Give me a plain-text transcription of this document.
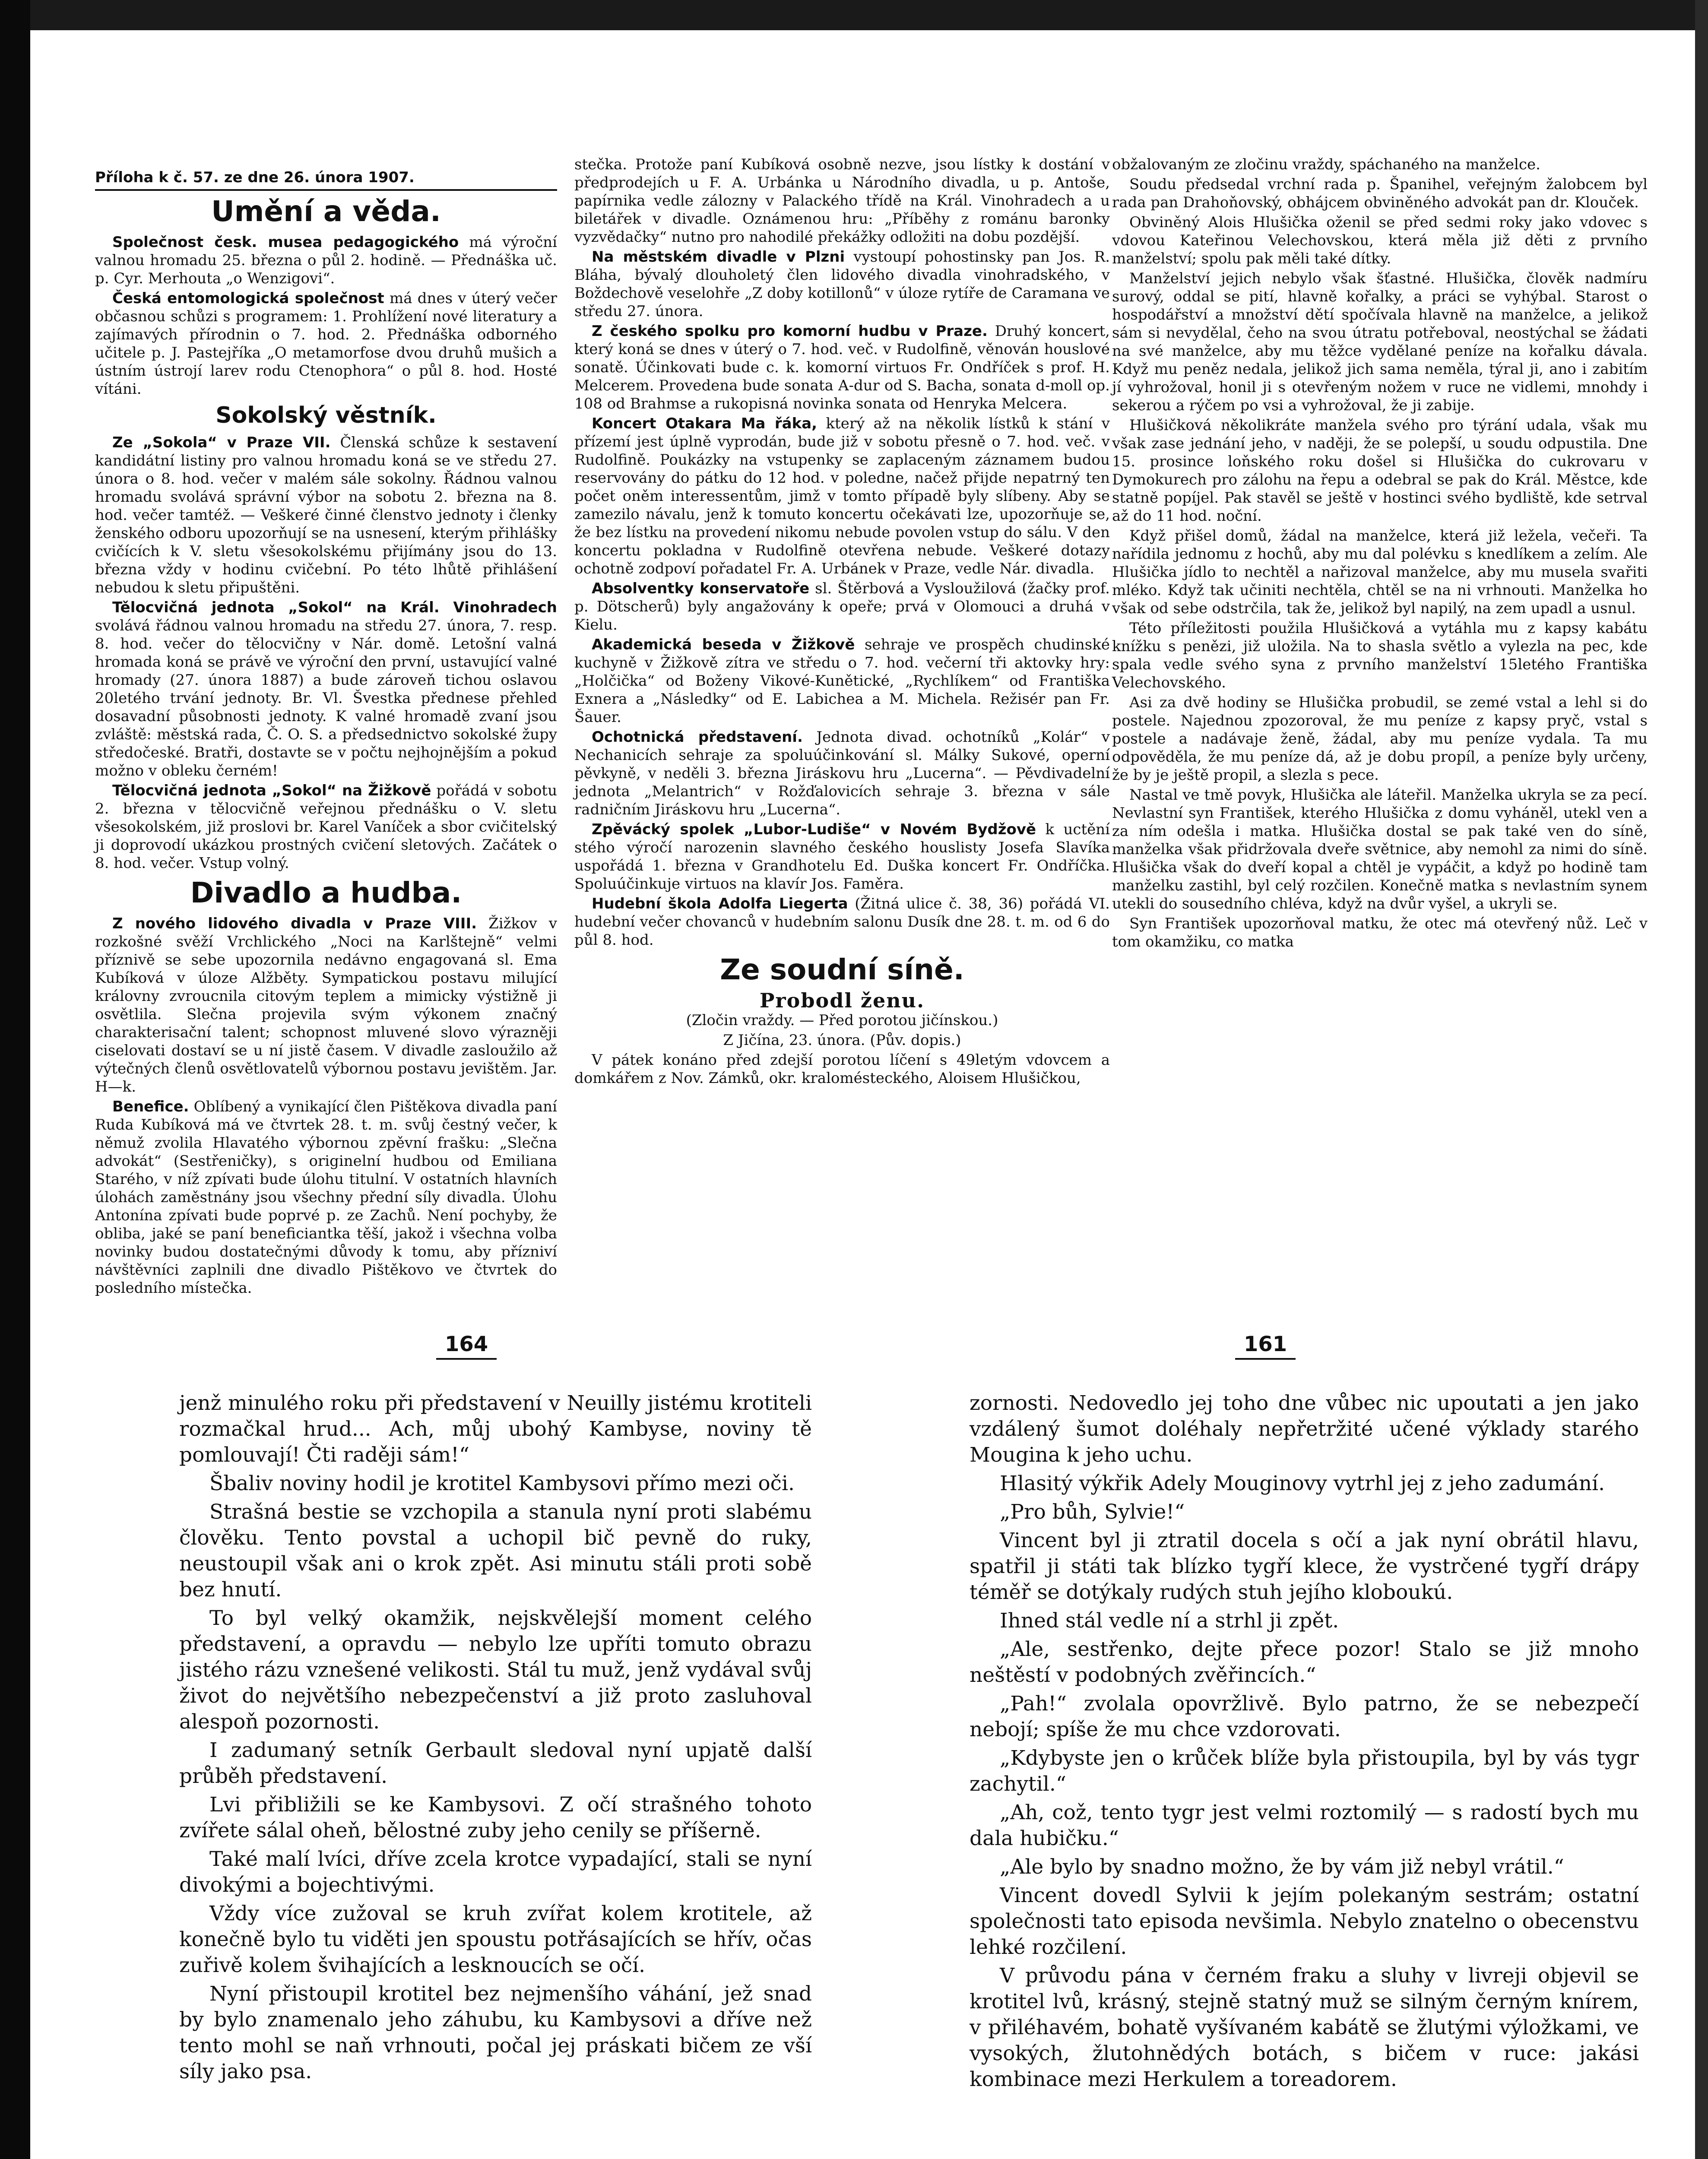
Příloha k č. 57. ze dne 26. února 1907.

Umění a věda.

Společnost česk. musea pedagogického má výroční valnou hromadu 25. března o půl 2. hodině. — Přednáška uč. p. Cyr. Merhouta „o Wenzigovi“.

Česká entomologická společnost má dnes v úterý večer občasnou schůzi s programem: 1. Prohlížení nové literatury a zajímavých přírodnin o 7. hod. 2. Přednáška odborného učitele p. J. Pastejříka „O metamorfose dvou druhů mušich a ústním ústrojí larev rodu Ctenophora“ o půl 8. hod. Hosté vítáni.

Sokolský věstník.

Ze „Sokola“ v Praze VII. Členská schůze k sestavení kandidátní listiny pro valnou hromadu koná se ve středu 27. února o 8. hod. večer v malém sále sokolny. Řádnou valnou hromadu svolává správní výbor na sobotu 2. března na 8. hod. večer tamtéž. — Veškeré činné členstvo jednoty i členky ženského odboru upozorňují se na usnesení, kterým přihlášky cvičících k V. sletu všesokolskému přijímány jsou do 13. března vždy v hodinu cvičební. Po této lhůtě přihlášení nebudou k sletu připuštěni.

Tělocvičná jednota „Sokol“ na Král. Vinohradech svolává řádnou valnou hromadu na středu 27. února, 7. resp. 8. hod. večer do tělocvičny v Nár. domě. Letošní valná hromada koná se právě ve výroční den první, ustavující valné hromady (27. února 1887) a bude zároveň tichou oslavou 20letého trvání jednoty. Br. Vl. Švestka přednese přehled dosavadní působnosti jednoty. K valné hromadě zvaní jsou zvláště: městská rada, Č. O. S. a předsednictvo sokolské župy středočeské. Bratři, dostavte se v počtu nejhojnějším a pokud možno v obleku černém!

Tělocvičná jednota „Sokol“ na Žižkově pořádá v sobotu 2. března v tělocvičně veřejnou přednášku o V. sletu všesokolském, již proslovi br. Karel Vaníček a sbor cvičitelský ji doprovodí ukázkou prostných cvičení sletových. Začátek o 8. hod. večer. Vstup volný.

Divadlo a hudba.

Z nového lidového divadla v Praze VIII. Žižkov v rozkošné svěží Vrchlického „Noci na Karlštejně“ velmi příznivě se sebe upozornila nedávno engagovaná sl. Ema Kubíková v úloze Alžběty. Sympatickou postavu milující královny zvroucnila citovým teplem a mimicky výstižně ji osvětlila. Slečna projevila svým výkonem značný charakterisační talent; schopnost mluvené slovo výrazněji ciselovati dostaví se u ní jistě časem. V divadle zasloužilo až výtečných členů osvětlovatelů výbornou postavu jevištěm. Jar. H—k.

Benefice. Oblíbený a vynikající člen Pištěkova divadla paní Ruda Kubíková má ve čtvrtek 28. t. m. svůj čestný večer, k němuž zvolila Hlavatého výbornou zpěvní frašku: „Slečna advokát“ (Sestřeničky), s originelní hudbou od Emiliana Starého, v níž zpívati bude úlohu titulní. V ostatních hlavních úlohách zaměstnány jsou všechny přední síly divadla. Úlohu Antonína zpívati bude poprvé p. ze Zachů. Není pochyby, že obliba, jaké se paní beneficiantka těší, jakož i všechna volba novinky budou dostatečnými důvody k tomu, aby přízniví návštěvníci zaplnili dne divadlo Pištěkovo ve čtvrtek do posledního místečka.

stečka. Protože paní Kubíková osobně nezve, jsou lístky k dostání v předprodejích u F. A. Urbánka u Národního divadla, u p. Antoše, papírnika vedle zálozny v Palackého třídě na Král. Vinohradech a u biletářek v divadle. Oznámenou hru: „Příběhy z románu baronky vyzvědačky“ nutno pro nahodilé překážky odložiti na dobu pozdější.

Na městském divadle v Plzni vystoupí pohostinsky pan Jos. R. Bláha, bývalý dlouholetý člen lidového divadla vinohradského, v Boždechově veselohře „Z doby kotillonů“ v úloze rytíře de Caramana ve středu 27. února.

Z českého spolku pro komorní hudbu v Praze. Druhý koncert, který koná se dnes v úterý o 7. hod. več. v Rudolfině, věnován houslové sonatě. Účinkovati bude c. k. komorní virtuos Fr. Ondříček s prof. H. Melcerem. Provedena bude sonata A-dur od S. Bacha, sonata d-moll op. 108 od Brahmse a rukopisná novinka sonata od Henryka Melcera.

Koncert Otakara Ma řáka, který až na několik lístků k stání v přízemí jest úplně vyprodán, bude již v sobotu přesně o 7. hod. več. v Rudolfině. Poukázky na vstupenky se zaplaceným záznamem budou reservovány do pátku do 12 hod. v poledne, načež přijde nepatrný ten počet oněm interessentům, jimž v tomto případě byly slíbeny. Aby se zamezilo návalu, jenž k tomuto koncertu očekávati lze, upozorňuje se, že bez lístku na provedení nikomu nebude povolen vstup do sálu. V den koncertu pokladna v Rudolfině otevřena nebude. Veškeré dotazy ochotně zodpoví pořadatel Fr. A. Urbánek v Praze, vedle Nár. divadla.

Absolventky konservatoře sl. Štěrbová a Vysloužilová (žačky prof. p. Dötscherů) byly angažovány k opeře; prvá v Olomouci a druhá v Kielu.

Akademická beseda v Žižkově sehraje ve prospěch chudinské kuchyně v Žižkově zítra ve středu o 7. hod. večerní tři aktovky hry: „Holčička“ od Boženy Vikové-Kunětické, „Rychlíkem“ od Františka Exnera a „Následky“ od E. Labichea a M. Michela. Režisér pan Fr. Šauer.

Ochotnická představení. Jednota divad. ochotníků „Kolár“ v Nechanicích sehraje za spoluúčinkování sl. Málky Sukové, operní pěvkyně, v neděli 3. března Jiráskovu hru „Lucerna“. — Pěvdivadelní jednota „Melantrich“ v Rožďalovicích sehraje 3. března v sále radničním Jiráskovu hru „Lucerna“.

Zpěvácký spolek „Lubor-Ludiše“ v Novém Bydžově k uctění stého výročí narozenin slavného českého houslisty Josefa Slavíka uspořádá 1. března v Grandhotelu Ed. Duška koncert Fr. Ondříčka. Spoluúčinkuje virtuos na klavír Jos. Faměra.

Hudební škola Adolfa Liegerta (Žitná ulice č. 38, 36) pořádá VI. hudební večer chovanců v hudebním salonu Dusík dne 28. t. m. od 6 do půl 8. hod.

Ze soudní síně.
Probodl ženu.

(Zločin vraždy. — Před porotou jičínskou.)

Z Jičína, 23. února. (Pův. dopis.)

V pátek konáno před zdejší porotou líčení s 49letým vdovcem a domkářem z Nov. Zámků, okr. kralomésteckého, Aloisem Hlušičkou,

obžalovaným ze zločinu vraždy, spáchaného na manželce.

Soudu předsedal vrchní rada p. Španihel, veřejným žalobcem byl rada pan Drahoňovský, obhájcem obviněného advokát pan dr. Klouček.

Obviněný Alois Hlušička oženil se před sedmi roky jako vdovec s vdovou Kateřinou Velechovskou, která měla již děti z prvního manželství; spolu pak měli také dítky.

Manželství jejich nebylo však šťastné. Hlušička, člověk nadmíru surový, oddal se pití, hlavně kořalky, a práci se vyhýbal. Starost o hospodářství a množství dětí spočívala hlavně na manželce, a jelikož sám si nevydělal, čeho na svou útratu potřeboval, neostýchal se žádati na své manželce, aby mu těžce vydělané peníze na kořalku dávala. Když mu peněz nedala, jelikož jich sama neměla, týral ji, ano i zabitím jí vyhrožoval, honil ji s otevřeným nožem v ruce ne vidlemi, mnohdy i sekerou a rýčem po vsi a vyhrožoval, že ji zabije.

Hlušičková několikráte manžela svého pro týrání udala, však mu však zase jednání jeho, v naději, že se polepší, u soudu odpustila. Dne 15. prosince loňského roku došel si Hlušička do cukrovaru v Dymokurech pro zálohu na řepu a odebral se pak do Král. Městce, kde statně popíjel. Pak stavěl se ještě v hostinci svého bydliště, kde setrval až do 11 hod. noční.

Když přišel domů, žádal na manželce, která již ležela, večeři. Ta nařídila jednomu z hochů, aby mu dal polévku s knedlíkem a zelím. Ale Hlušička jídlo to nechtěl a nařizoval manželce, aby mu musela svařiti mléko. Když tak učiniti nechtěla, chtěl se na ni vrhnouti. Manželka ho však od sebe odstrčila, tak že, jelikož byl napilý, na zem upadl a usnul.

Této příležitosti použila Hlušičková a vytáhla mu z kapsy kabátu knížku s penězi, již uložila. Na to shasla světlo a vylezla na pec, kde spala vedle svého syna z prvního manželství 15letého Františka Velechovského.

Asi za dvě hodiny se Hlušička probudil, se zemé vstal a lehl si do postele. Najednou zpozoroval, že mu peníze z kapsy pryč, vstal s postele a nadávaje ženě, žádal, aby mu peníze vydala. Ta mu odpověděla, že mu peníze dá, až je dobu propíl, a peníze byly určeny, že by je ještě propil, a slezla s pece.

Nastal ve tmě povyk, Hlušička ale láteřil. Manželka ukryla se za pecí. Nevlastní syn František, kterého Hlušička z domu vyháněl, utekl ven a za ním odešla i matka. Hlušička dostal se pak také ven do síně, manželka však přidržovala dveře světnice, aby nemohl za nimi do síně. Hlušička však do dveří kopal a chtěl je vypáčit, a když po hodině tam manželku zastihl, byl celý rozčilen. Konečně matka s nevlastním synem utekli do sousedního chléva, když na dvůr vyšel, a ukryli se.

Syn František upozorňoval matku, že otec má otevřený nůž. Leč v tom okamžiku, co matka

164	161

jenž minulého roku při představení v Neuilly jistému krotiteli rozmačkal hrud... Ach, můj ubohý Kambyse, noviny tě pomlouvají! Čti raději sám!“

Šbaliv noviny hodil je krotitel Kambysovi přímo mezi oči.

Strašná bestie se vzchopila a stanula nyní proti slabému člověku. Tento povstal a uchopil bič pevně do ruky, neustoupil však ani o krok zpět. Asi minutu stáli proti sobě bez hnutí.

To byl velký okamžik, nejskvělejší moment celého představení, a opravdu — nebylo lze upříti tomuto obrazu jistého rázu vznešené velikosti. Stál tu muž, jenž vydával svůj život do největšího nebezpečenství a již proto zasluhoval alespoň pozornosti.

I zadumaný setník Gerbault sledoval nyní upjatě další průběh představení.

Lvi přibližili se ke Kambysovi. Z očí strašného tohoto zvířete sálal oheň, bělostné zuby jeho cenily se příšerně.

Také malí lvíci, dříve zcela krotce vypadající, stali se nyní divokými a bojechtivými.

Vždy více zužoval se kruh zvířat kolem krotitele, až konečně bylo tu viděti jen spoustu potřásajících se hřív, očas zuřivě kolem švihajících a lesknoucích se očí.

Nyní přistoupil krotitel bez nejmenšího váhání, jež snad by bylo znamenalo jeho záhubu, ku Kambysovi a dříve než tento mohl se naň vrhnouti, počal jej práskati bičem ze vší síly jako psa.

zornosti. Nedovedlo jej toho dne vůbec nic upoutati a jen jako vzdálený šumot doléhaly nepřetržité učené výklady starého Mougina k jeho uchu.

Hlasitý výkřik Adely Mouginovy vytrhl jej z jeho zadumání.

„Pro bůh, Sylvie!“

Vincent byl ji ztratil docela s očí a jak nyní obrátil hlavu, spatřil ji státi tak blízko tygří klece, že vystrčené tygří drápy téměř se dotýkaly rudých stuh jejího kloboukú.

Ihned stál vedle ní a strhl ji zpět.

„Ale, sestřenko, dejte přece pozor! Stalo se již mnoho neštěstí v podobných zvěřincích.“

„Pah!“ zvolala opovržlivě. Bylo patrno, že se nebezpečí nebojí; spíše že mu chce vzdorovati.

„Kdybyste jen o krůček blíže byla přistoupila, byl by vás tygr zachytil.“

„Ah, což, tento tygr jest velmi roztomilý — s radostí bych mu dala hubičku.“

„Ale bylo by snadno možno, že by vám již nebyl vrátil.“

Vincent dovedl Sylvii k jejím polekaným sestrám; ostatní společnosti tato episoda nevšimla. Nebylo znatelno o obecenstvu lehké rozčilení.

V průvodu pána v černém fraku a sluhy v livreji objevil se krotitel lvů, krásný, stejně statný muž se silným černým knírem, v přiléhavém, bohatě vyšívaném kabátě se žlutými výložkami, ve vysokých, žlutohnědých botách, s bičem v ruce: jakási kombinace mezi Herkulem a toreadorem.
